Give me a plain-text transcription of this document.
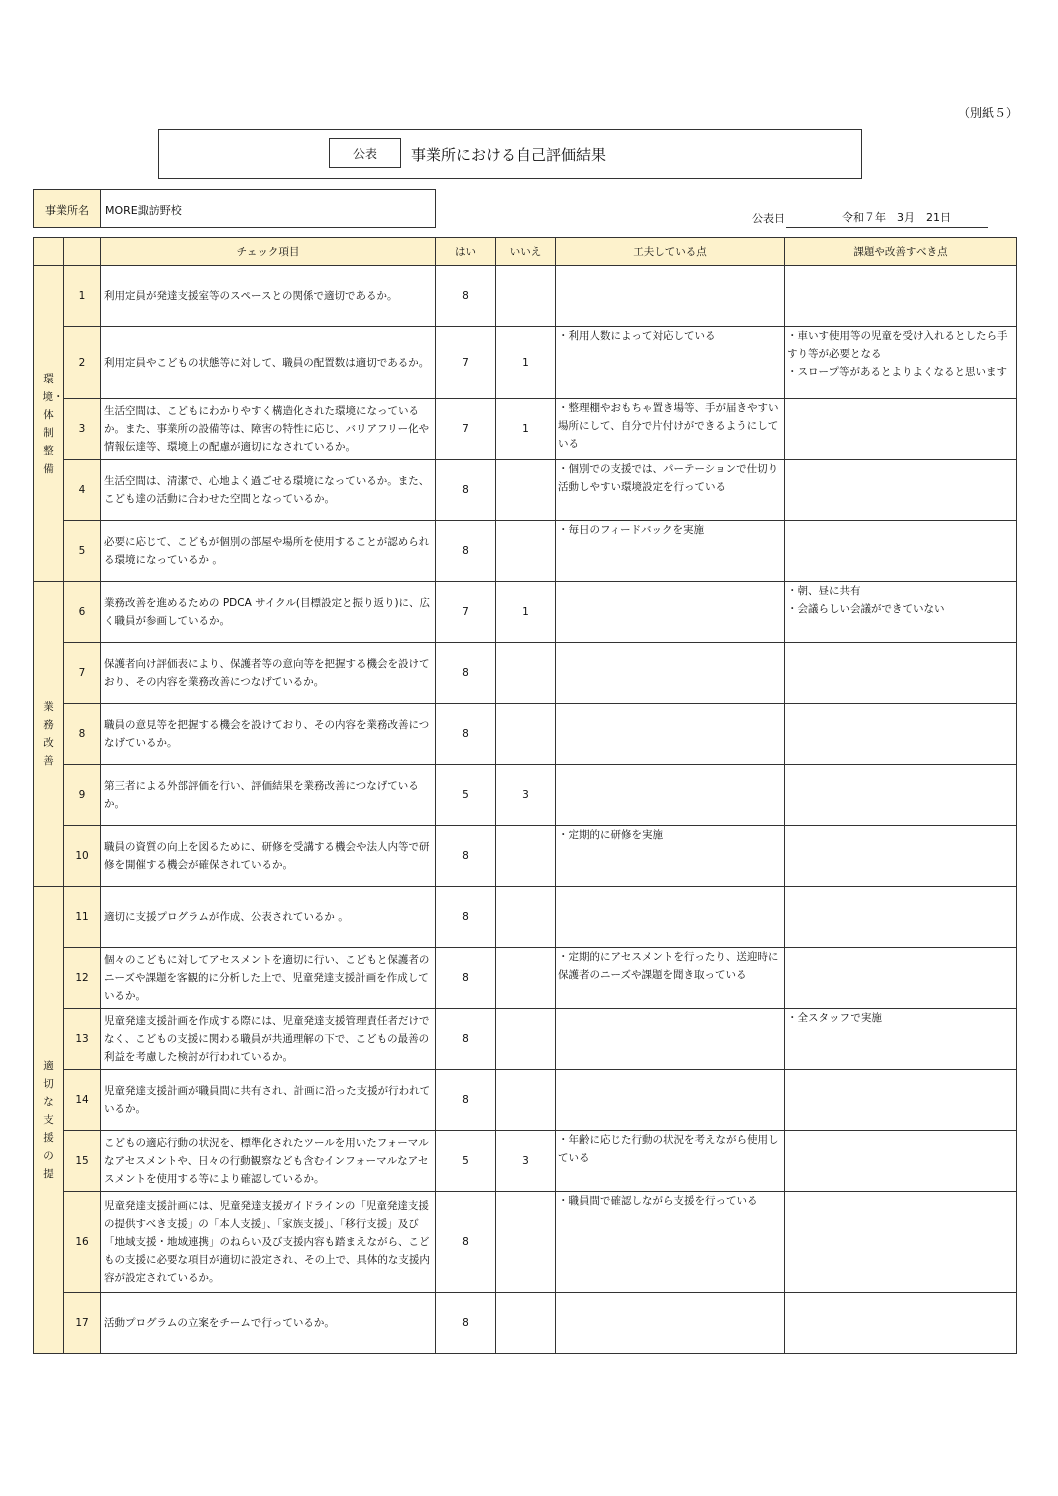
（別紙５）
公表	事業所における自己評価結果
事業所名	MORE諏訪野校
公表日	令和７年　3月　21日
		チェック項目	はい	いいえ	工夫している点	課題や改善すべき点
環境・体制整備	1	利用定員が発達支援室等のスペースとの関係で適切であるか。	8			
	2	利用定員やこどもの状態等に対して、職員の配置数は適切であるか。	7	1	・利用人数によって対応している	・車いす使用等の児童を受け入れるとしたら手すり等が必要となる
・スロープ等があるとよりよくなると思います

	3	生活空間は、こどもにわかりやすく構造化された環境になっているか。また、事業所の設備等は、障害の特性に応じ、バリアフリー化や情報伝達等、環境上の配慮が適切になされているか。	7	1	・整理棚やおもちゃ置き場等、手が届きやすい場所にして、自分で片付けができるようにしている	

	4	生活空間は、清潔で、心地よく過ごせる環境になっているか。また、こども達の活動に合わせた空間となっているか。	8		・個別での支援では、パーテーションで仕切り活動しやすい環境設定を行っている	

	5	必要に応じて、こどもが個別の部屋や場所を使用することが認められる環境になっているか 。	8		・毎日のフィードバックを実施	

業務改善	6	業務改善を進めるための PDCA サイクル(目標設定と振り返り)に、広く職員が参画しているか。	7	1		・朝、昼に共有
・会議らしい会議ができていない

	7	保護者向け評価表により、保護者等の意向等を把握する機会を設けており、その内容を業務改善につなげているか。	8			
	8	職員の意見等を把握する機会を設けており、その内容を業務改善につなげているか。	8			
	9	第三者による外部評価を行い、評価結果を業務改善につなげているか。	5	3		
	10	職員の資質の向上を図るために、研修を受講する機会や法人内等で研修を開催する機会が確保されているか。	8		・定期的に研修を実施	

適切な支援の提	11	適切に支援プログラムが作成、公表されているか 。	8			
	12	個々のこどもに対してアセスメントを適切に行い、こどもと保護者のニーズや課題を客観的に分析した上で、児童発達支援計画を作成しているか。	8		・定期的にアセスメントを行ったり、送迎時に保護者のニーズや課題を聞き取っている	

	13	児童発達支援計画を作成する際には、児童発達支援管理責任者だけでなく、こどもの支援に関わる職員が共通理解の下で、こどもの最善の利益を考慮した検討が行われているか。	8			・全スタッフで実施

	14	児童発達支援計画が職員間に共有され、計画に沿った支援が行われているか。	8			
	15	こどもの適応行動の状況を、標準化されたツールを用いたフォーマルなアセスメントや、日々の行動観察なども含むインフォーマルなアセスメントを使用する等により確認しているか。	5	3	・年齢に応じた行動の状況を考えながら使用している	

	16	児童発達支援計画には、児童発達支援ガイドラインの「児童発達支援の提供すべき支援」の「本人支援」、「家族支援」、「移行支援」及び「地域支援・地域連携」のねらい及び支援内容も踏まえながら、こどもの支援に必要な項目が適切に設定され、その上で、具体的な支援内容が設定されているか。	8		・職員間で確認しながら支援を行っている	

	17	活動プログラムの立案をチームで行っているか。	8			
